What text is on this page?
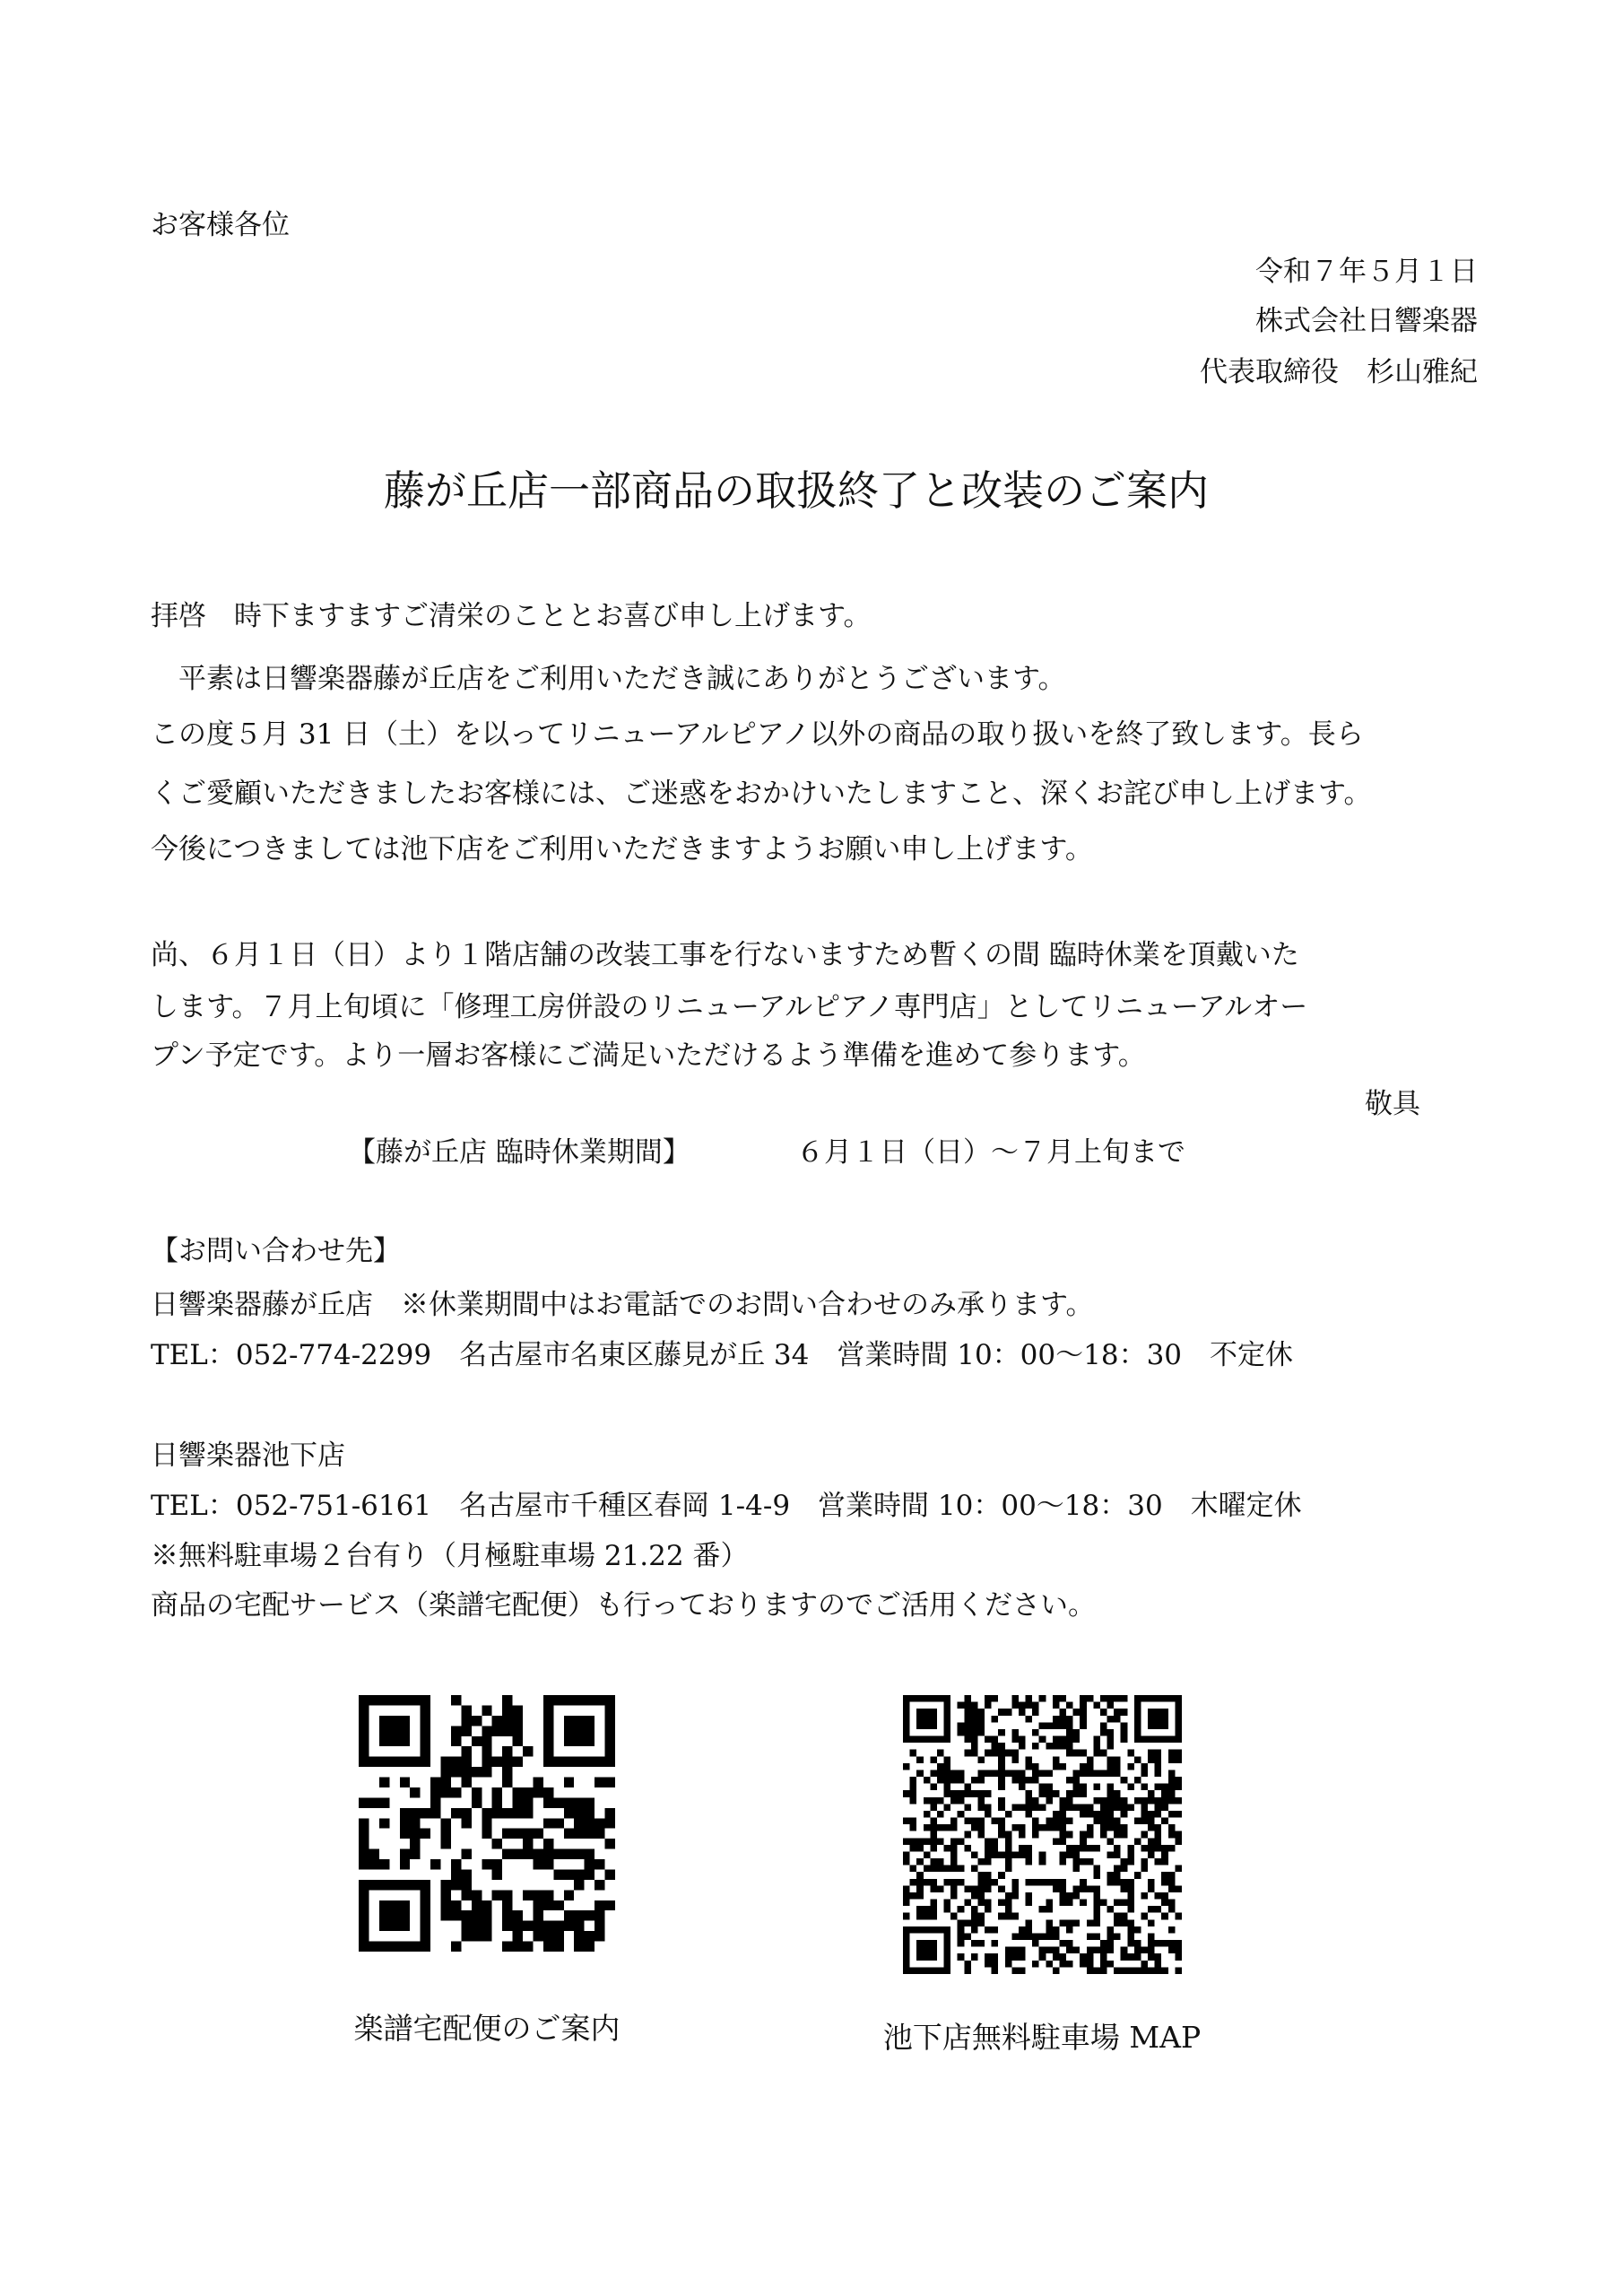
お客様各位
令和７年５月１日
株式会社日響楽器
代表取締役　杉山雅紀
藤が丘店一部商品の取扱終了と改装のご案内
拝啓　時下ますますご清栄のこととお喜び申し上げます。
平素は日響楽器藤が丘店をご利用いただき誠にありがとうございます。
この度５月 31 日（土）を以ってリニューアルピアノ以外の商品の取り扱いを終了致します。長ら
くご愛顧いただきましたお客様には、ご迷惑をおかけいたしますこと、深くお詫び申し上げます。
今後につきましては池下店をご利用いただきますようお願い申し上げます。
尚、６月１日（日）より１階店舗の改装工事を行ないますため暫くの間 臨時休業を頂戴いた
します。７月上旬頃に「修理工房併設のリニューアルピアノ専門店」としてリニューアルオー
プン予定です。より一層お客様にご満足いただけるよう準備を進めて参ります。
敬具
【藤が丘店 臨時休業期間】	６月１日（日）～７月上旬まで
【お問い合わせ先】
日響楽器藤が丘店　※休業期間中はお電話でのお問い合わせのみ承ります。
TEL：052-774-2299　名古屋市名東区藤見が丘 34　営業時間 10：00～18：30　不定休
日響楽器池下店
TEL：052-751-6161　名古屋市千種区春岡 1-4-9　営業時間 10：00～18：30　木曜定休
※無料駐車場２台有り（月極駐車場 21.22 番）
商品の宅配サービス（楽譜宅配便）も行っておりますのでご活用ください。
楽譜宅配便のご案内	池下店無料駐車場 MAP
